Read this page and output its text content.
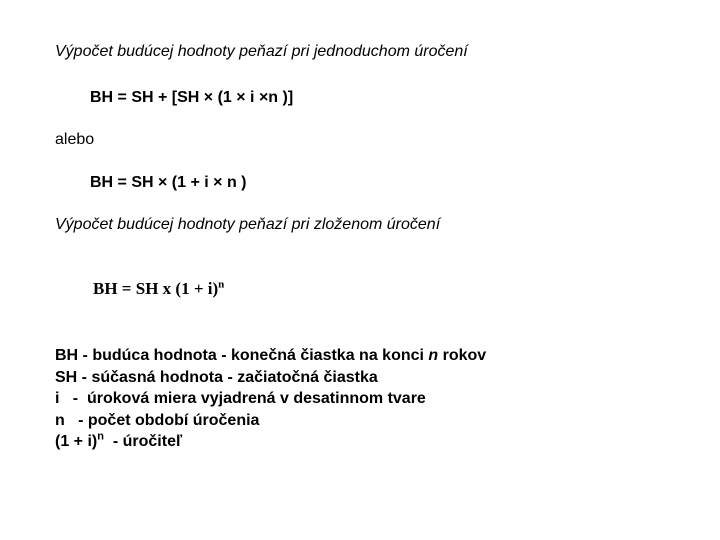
Výpočet budúcej hodnoty peňazí pri jednoduchom úročení
BH = SH + [SH × (1 × i ×n )]
alebo
BH = SH × (1 + i × n )
Výpočet budúcej hodnoty peňazí pri zloženom úročení
BH = SH x $(1 + i)^n$
BH - budúca hodnota - konečná čiastka na konci n rokov
SH - súčasná hodnota - začiatočná čiastka
i   -  úroková miera vyjadrená v desatinnom tvare
n   - počet období úročenia
$(1 + i)^n$  - úročiteľ
